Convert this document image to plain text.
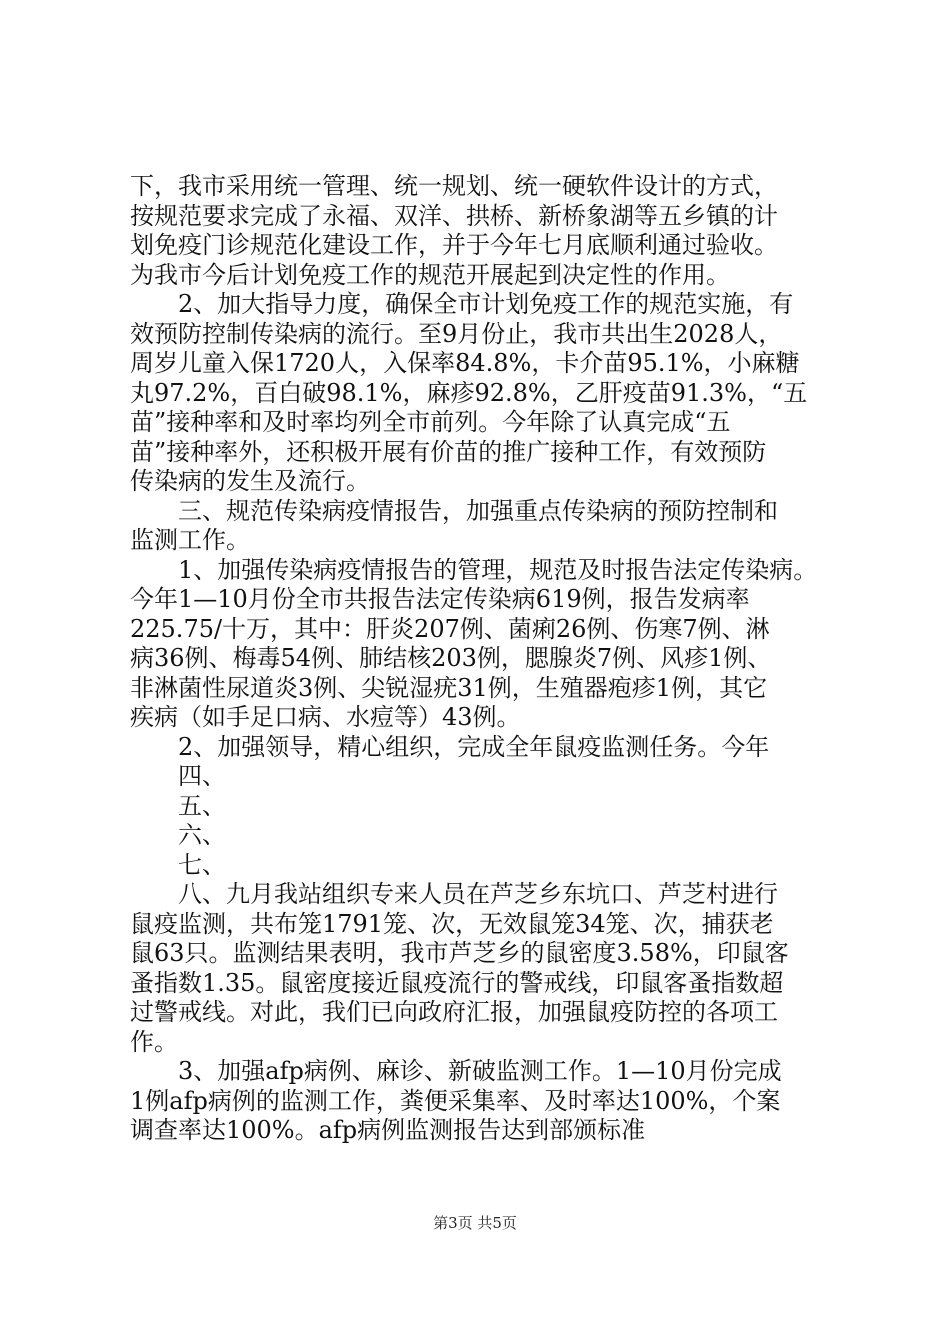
下，我市采用统一管理、统一规划、统一硬软件设计的方式，
按规范要求完成了永福、双洋、拱桥、新桥象湖等五乡镇的计
划免疫门诊规范化建设工作，并于今年七月底顺利通过验收。
为我市今后计划免疫工作的规范开展起到决定性的作用。
2、加大指导力度，确保全市计划免疫工作的规范实施，有
效预防控制传染病的流行。至9月份止，我市共出生2028人，
周岁儿童入保1720人，入保率84.8%，卡介苗95.1%，小麻糖
丸97.2%，百白破98.1%，麻疹92.8%，乙肝疫苗91.3%，“五
苗”接种率和及时率均列全市前列。今年除了认真完成“五
苗”接种率外，还积极开展有价苗的推广接种工作，有效预防
传染病的发生及流行。
三、规范传染病疫情报告，加强重点传染病的预防控制和
监测工作。
1、加强传染病疫情报告的管理，规范及时报告法定传染病。
今年1—10月份全市共报告法定传染病619例，报告发病率
225.75/十万，其中：肝炎207例、菌痢26例、伤寒7例、淋
病36例、梅毒54例、肺结核203例，腮腺炎7例、风疹1例、
非淋菌性尿道炎3例、尖锐湿疣31例，生殖器疱疹1例，其它
疾病（如手足口病、水痘等）43例。
2、加强领导，精心组织，完成全年鼠疫监测任务。今年
四、
五、
六、
七、
八、九月我站组织专来人员在芦芝乡东坑口、芦芝村进行
鼠疫监测，共布笼1791笼、次，无效鼠笼34笼、次，捕获老
鼠63只。监测结果表明，我市芦芝乡的鼠密度3.58%，印鼠客
蚤指数1.35。鼠密度接近鼠疫流行的警戒线，印鼠客蚤指数超
过警戒线。对此，我们已向政府汇报，加强鼠疫防控的各项工
作。
3、加强afp病例、麻诊、新破监测工作。1—10月份完成
1例afp病例的监测工作，粪便采集率、及时率达100%，个案
调查率达100%。afp病例监测报告达到部颁标准
第3页 共5页
